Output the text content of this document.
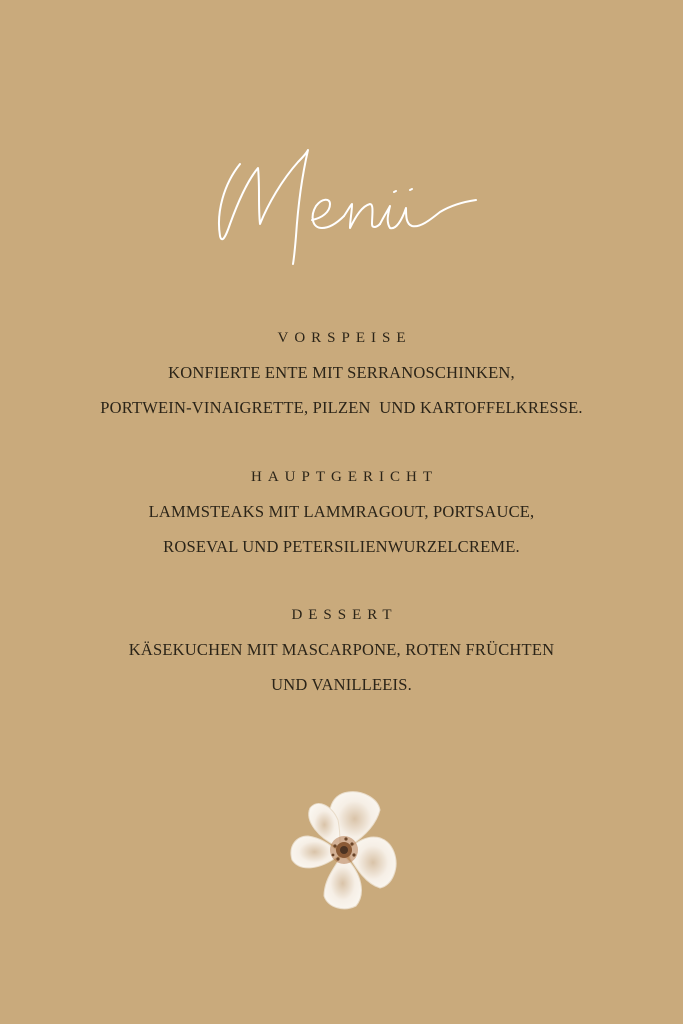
VORSPEISE

KONFIERTE ENTE MIT SERRANOSCHINKEN,

PORTWEIN-VINAIGRETTE, PILZEN  UND KARTOFFELKRESSE.

HAUPTGERICHT

LAMMSTEAKS MIT LAMMRAGOUT, PORTSAUCE,

ROSEVAL UND PETERSILIENWURZELCREME.

DESSERT

KÄSEKUCHEN MIT MASCARPONE, ROTEN FRÜCHTEN

UND VANILLEEIS.
